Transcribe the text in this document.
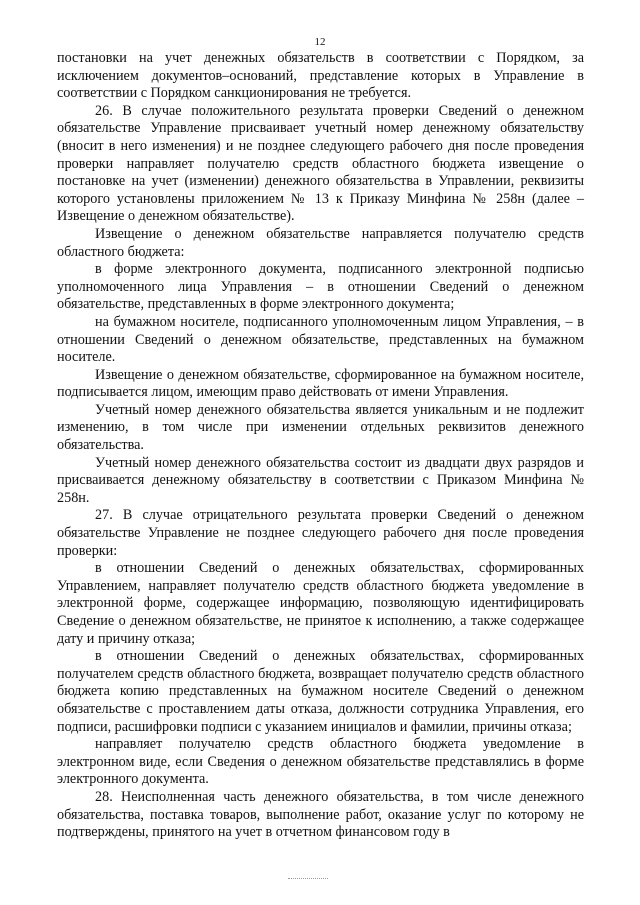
12

постановки на учет денежных обязательств в соответствии с Порядком, за исключением документов–оснований, представление которых в Управление в соответствии с Порядком санкционирования не требуется.

26. В случае положительного результата проверки Сведений о денежном обязательстве Управление присваивает учетный номер денежному обязательству (вносит в него изменения) и не позднее следующего рабочего дня после проведения проверки направляет получателю средств областного бюджета извещение о постановке на учет (изменении) денежного обязательства в Управлении, реквизиты которого установлены приложением № 13 к Приказу Минфина № 258н (далее – Извещение о денежном обязательстве).

Извещение о денежном обязательстве направляется получателю средств областного бюджета:

в форме электронного документа, подписанного электронной подписью уполномоченного лица Управления – в отношении Сведений о денежном обязательстве, представленных в форме электронного документа;

на бумажном носителе, подписанного уполномоченным лицом Управления, – в отношении Сведений о денежном обязательстве, представленных на бумажном носителе.

Извещение о денежном обязательстве, сформированное на бумажном носителе, подписывается лицом, имеющим право действовать от имени Управления.

Учетный номер денежного обязательства является уникальным и не подлежит изменению, в том числе при изменении отдельных реквизитов денежного обязательства.

Учетный номер денежного обязательства состоит из двадцати двух разрядов и присваивается денежному обязательству в соответствии с Приказом Минфина № 258н.

27. В случае отрицательного результата проверки Сведений о денежном обязательстве Управление не позднее следующего рабочего дня после проведения проверки:

в отношении Сведений о денежных обязательствах, сформированных Управлением, направляет получателю средств областного бюджета уведомление в электронной форме, содержащее информацию, позволяющую идентифицировать Сведение о денежном обязательстве, не принятое к исполнению, а также содержащее дату и причину отказа;

в отношении Сведений о денежных обязательствах, сформированных получателем средств областного бюджета, возвращает получателю средств областного бюджета копию представленных на бумажном носителе Сведений о денежном обязательстве с проставлением даты отказа, должности сотрудника Управления, его подписи, расшифровки подписи с указанием инициалов и фамилии, причины отказа;

направляет получателю средств областного бюджета уведомление в электронном виде, если Сведения о денежном обязательстве представлялись в форме электронного документа.

28. Неисполненная часть денежного обязательства, в том числе денежного обязательства, поставка товаров, выполнение работ, оказание услуг по которому не подтверждены, принятого на учет в отчетном финансовом году в
